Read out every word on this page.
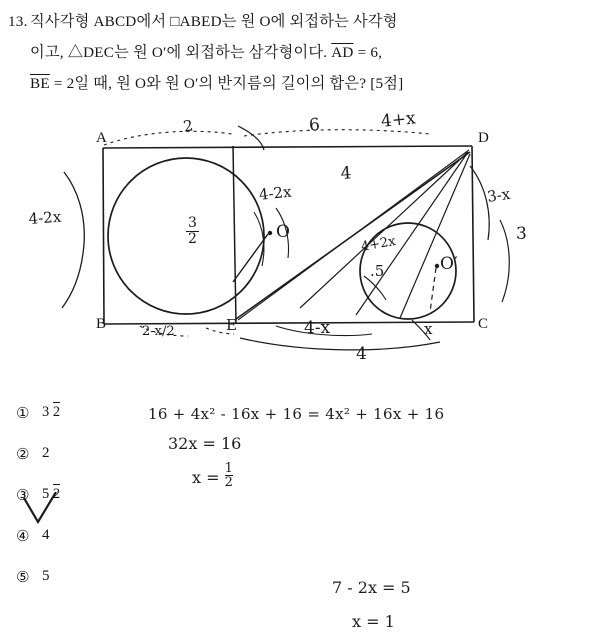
13. 직사각형 ABCD에서 □ABED는 원 O에 외접하는 사각형
이고, △DEC는 원 O′에 외접하는 삼각형이다. $\overline{AD} = 6$,
$\overline{BE} = 2$일 때, 원 O와 원 O′의 반지름의 길이의 합은? [5점]
A	D
B	C
E
O
O′
2	6	4+x
4
4-2x
4-2x
3
2
3-x
3
4+2x
.5
2-x/2	4-x	x
4
① 3 2
② 2
③ 5 2
④ 4
⑤ 5
16 + 4x² - 16x + 16 = 4x² + 16x + 16
32x = 16
$x = \frac{1}{2}$
7 - 2x = 5
x = 1
